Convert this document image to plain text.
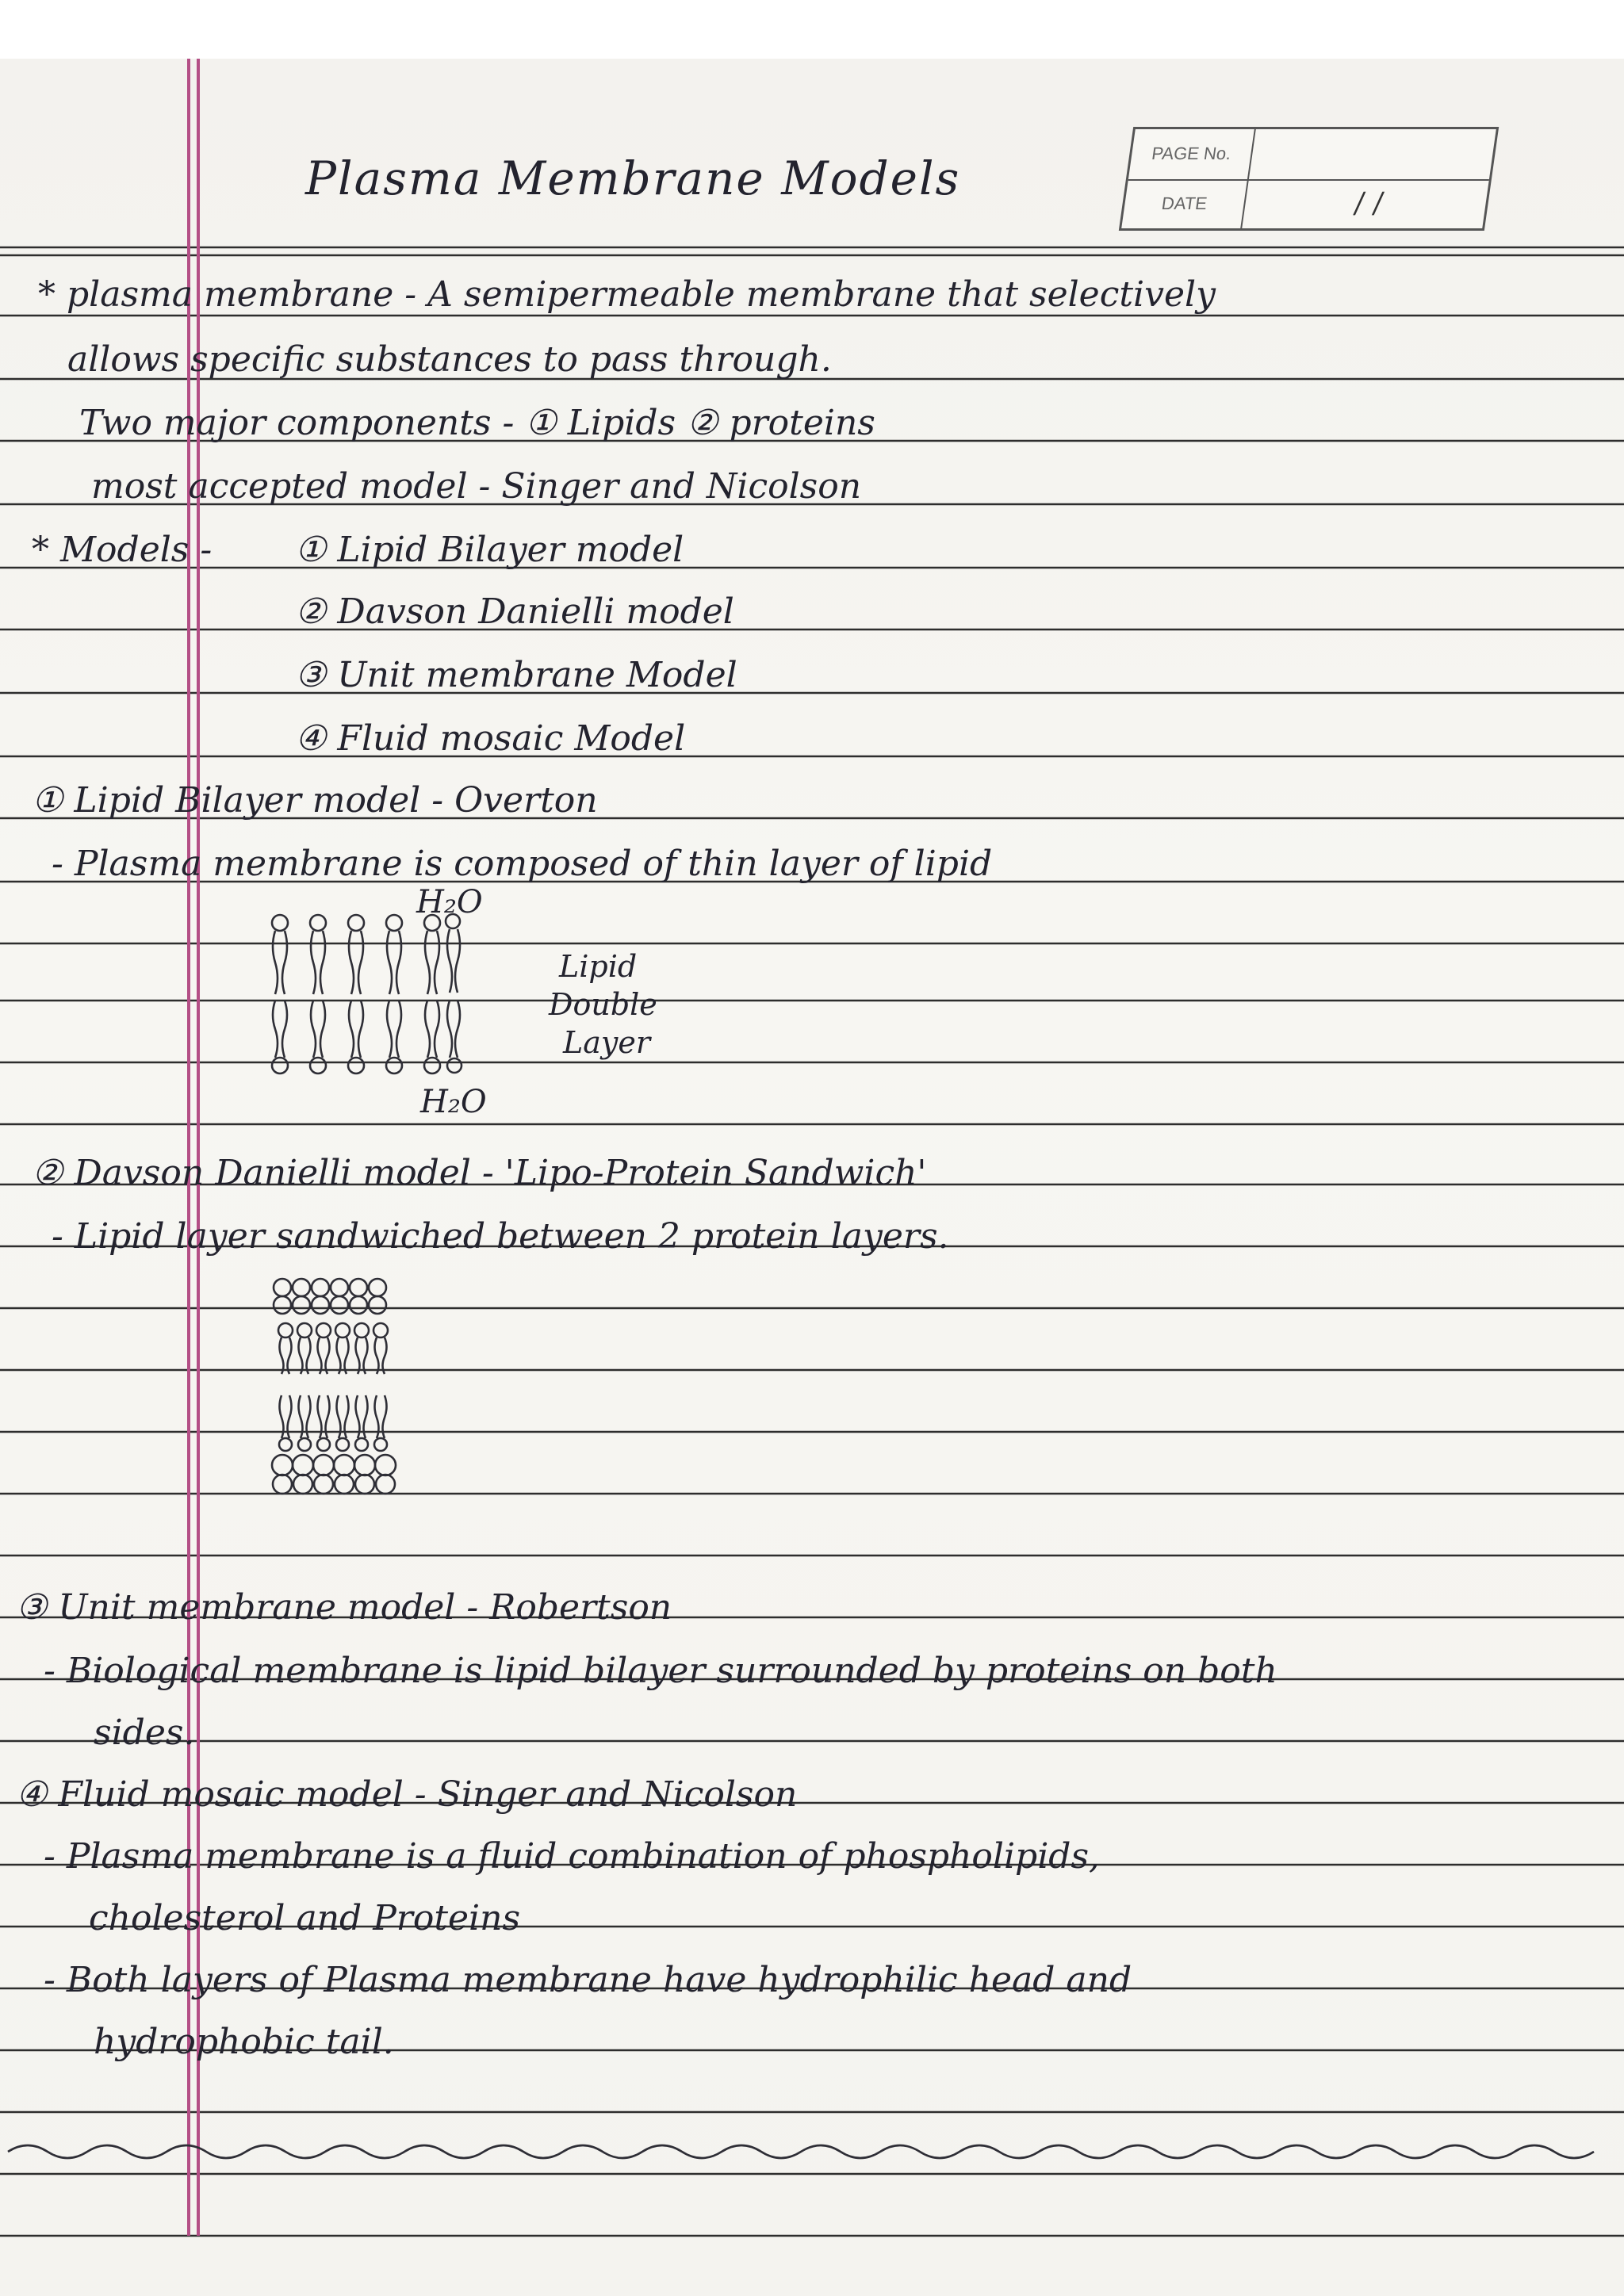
Plasma Membrane Models	PAGE No.
DATE	/ /
* plasma membrane - A semipermeable membrane that selectively
allows specific substances to pass through.
Two major components - ① Lipids ② proteins
most accepted model - Singer and Nicolson
* Models - ① Lipid Bilayer model
② Davson Danielli model
③ Unit membrane Model
④ Fluid mosaic Model
① Lipid Bilayer model - Overton
- Plasma membrane is composed of thin layer of lipid
H₂O
Lipid
Double
Layer
H₂O
② Davson Danielli model - 'Lipo-Protein Sandwich'
- Lipid layer sandwiched between 2 protein layers.
③ Unit membrane model - Robertson
- Biological membrane is lipid bilayer surrounded by proteins on both
sides.
④ Fluid mosaic model - Singer and Nicolson
- Plasma membrane is a fluid combination of phospholipids,
cholesterol and Proteins
- Both layers of Plasma membrane have hydrophilic head and
hydrophobic tail.
